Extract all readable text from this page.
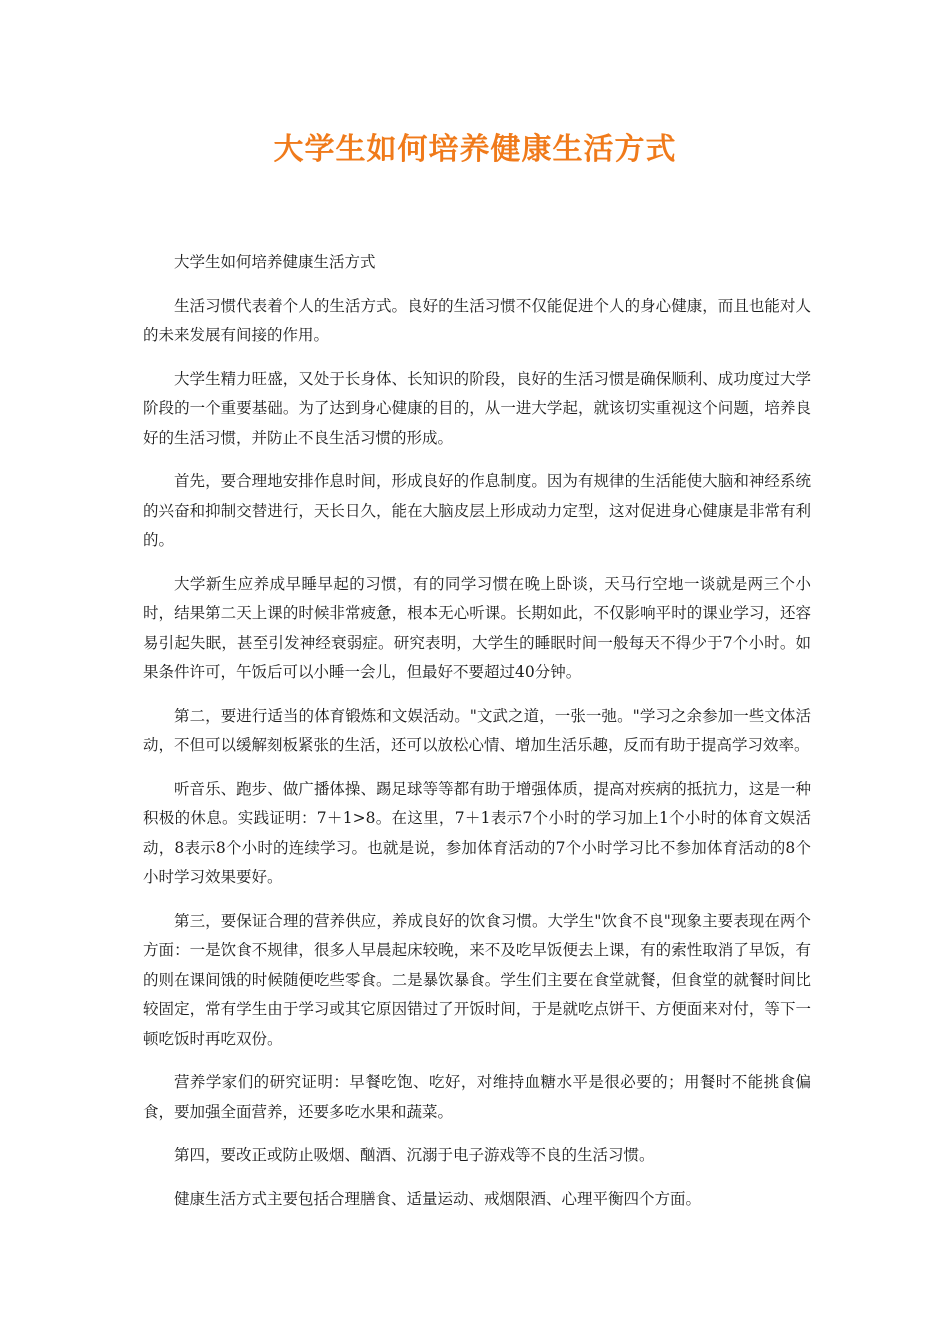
大学生如何培养健康生活方式

大学生如何培养健康生活方式

生活习惯代表着个人的生活方式。良好的生活习惯不仅能促进个人的身心健康，而且也能对人的未来发展有间接的作用。

大学生精力旺盛，又处于长身体、长知识的阶段，良好的生活习惯是确保顺利、成功度过大学阶段的一个重要基础。为了达到身心健康的目的，从一进大学起，就该切实重视这个问题，培养良好的生活习惯，并防止不良生活习惯的形成。

首先，要合理地安排作息时间，形成良好的作息制度。因为有规律的生活能使大脑和神经系统的兴奋和抑制交替进行，天长日久，能在大脑皮层上形成动力定型，这对促进身心健康是非常有利的。

大学新生应养成早睡早起的习惯，有的同学习惯在晚上卧谈，天马行空地一谈就是两三个小时，结果第二天上课的时候非常疲惫，根本无心听课。长期如此，不仅影响平时的课业学习，还容易引起失眠，甚至引发神经衰弱症。研究表明，大学生的睡眠时间一般每天不得少于7个小时。如果条件许可，午饭后可以小睡一会儿，但最好不要超过40分钟。

第二，要进行适当的体育锻炼和文娱活动。"文武之道，一张一弛。"学习之余参加一些文体活动，不但可以缓解刻板紧张的生活，还可以放松心情、增加生活乐趣，反而有助于提高学习效率。

听音乐、跑步、做广播体操、踢足球等等都有助于增强体质，提高对疾病的抵抗力，这是一种积极的休息。实践证明：7＋1>8。在这里，7＋1表示7个小时的学习加上1个小时的体育文娱活动，8表示8个小时的连续学习。也就是说，参加体育活动的7个小时学习比不参加体育活动的8个小时学习效果要好。

第三，要保证合理的营养供应，养成良好的饮食习惯。大学生"饮食不良"现象主要表现在两个方面：一是饮食不规律，很多人早晨起床较晚，来不及吃早饭便去上课，有的索性取消了早饭，有的则在课间饿的时候随便吃些零食。二是暴饮暴食。学生们主要在食堂就餐，但食堂的就餐时间比较固定，常有学生由于学习或其它原因错过了开饭时间，于是就吃点饼干、方便面来对付，等下一顿吃饭时再吃双份。

营养学家们的研究证明：早餐吃饱、吃好，对维持血糖水平是很必要的；用餐时不能挑食偏食，要加强全面营养，还要多吃水果和蔬菜。

第四，要改正或防止吸烟、酗酒、沉溺于电子游戏等不良的生活习惯。

健康生活方式主要包括合理膳食、适量运动、戒烟限酒、心理平衡四个方面。
